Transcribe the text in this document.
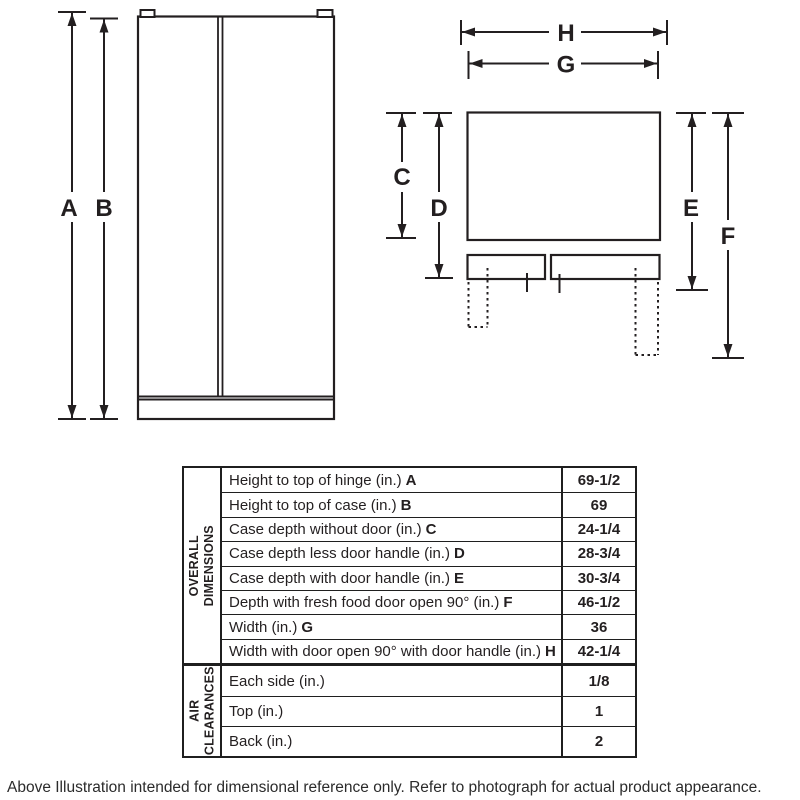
A B
H
G
C
D	E
F
OVERALL DIMENSIONS
Height to top of hinge (in.) A	69-1/2
Height to top of case (in.) B	69
Case depth without door (in.) C	24-1/4
Case depth less door handle (in.) D	28-3/4
Case depth with door handle (in.) E	30-3/4
Depth with fresh food door open 90° (in.) F	46-1/2
Width (in.) G	36
Width with door open 90° with door handle (in.) H	42-1/4
AIR CLEARANCES Each side (in.)	1/8
Top (in.)	1
Back (in.)	2
Above Illustration intended for dimensional reference only. Refer to photograph for actual product appearance.
